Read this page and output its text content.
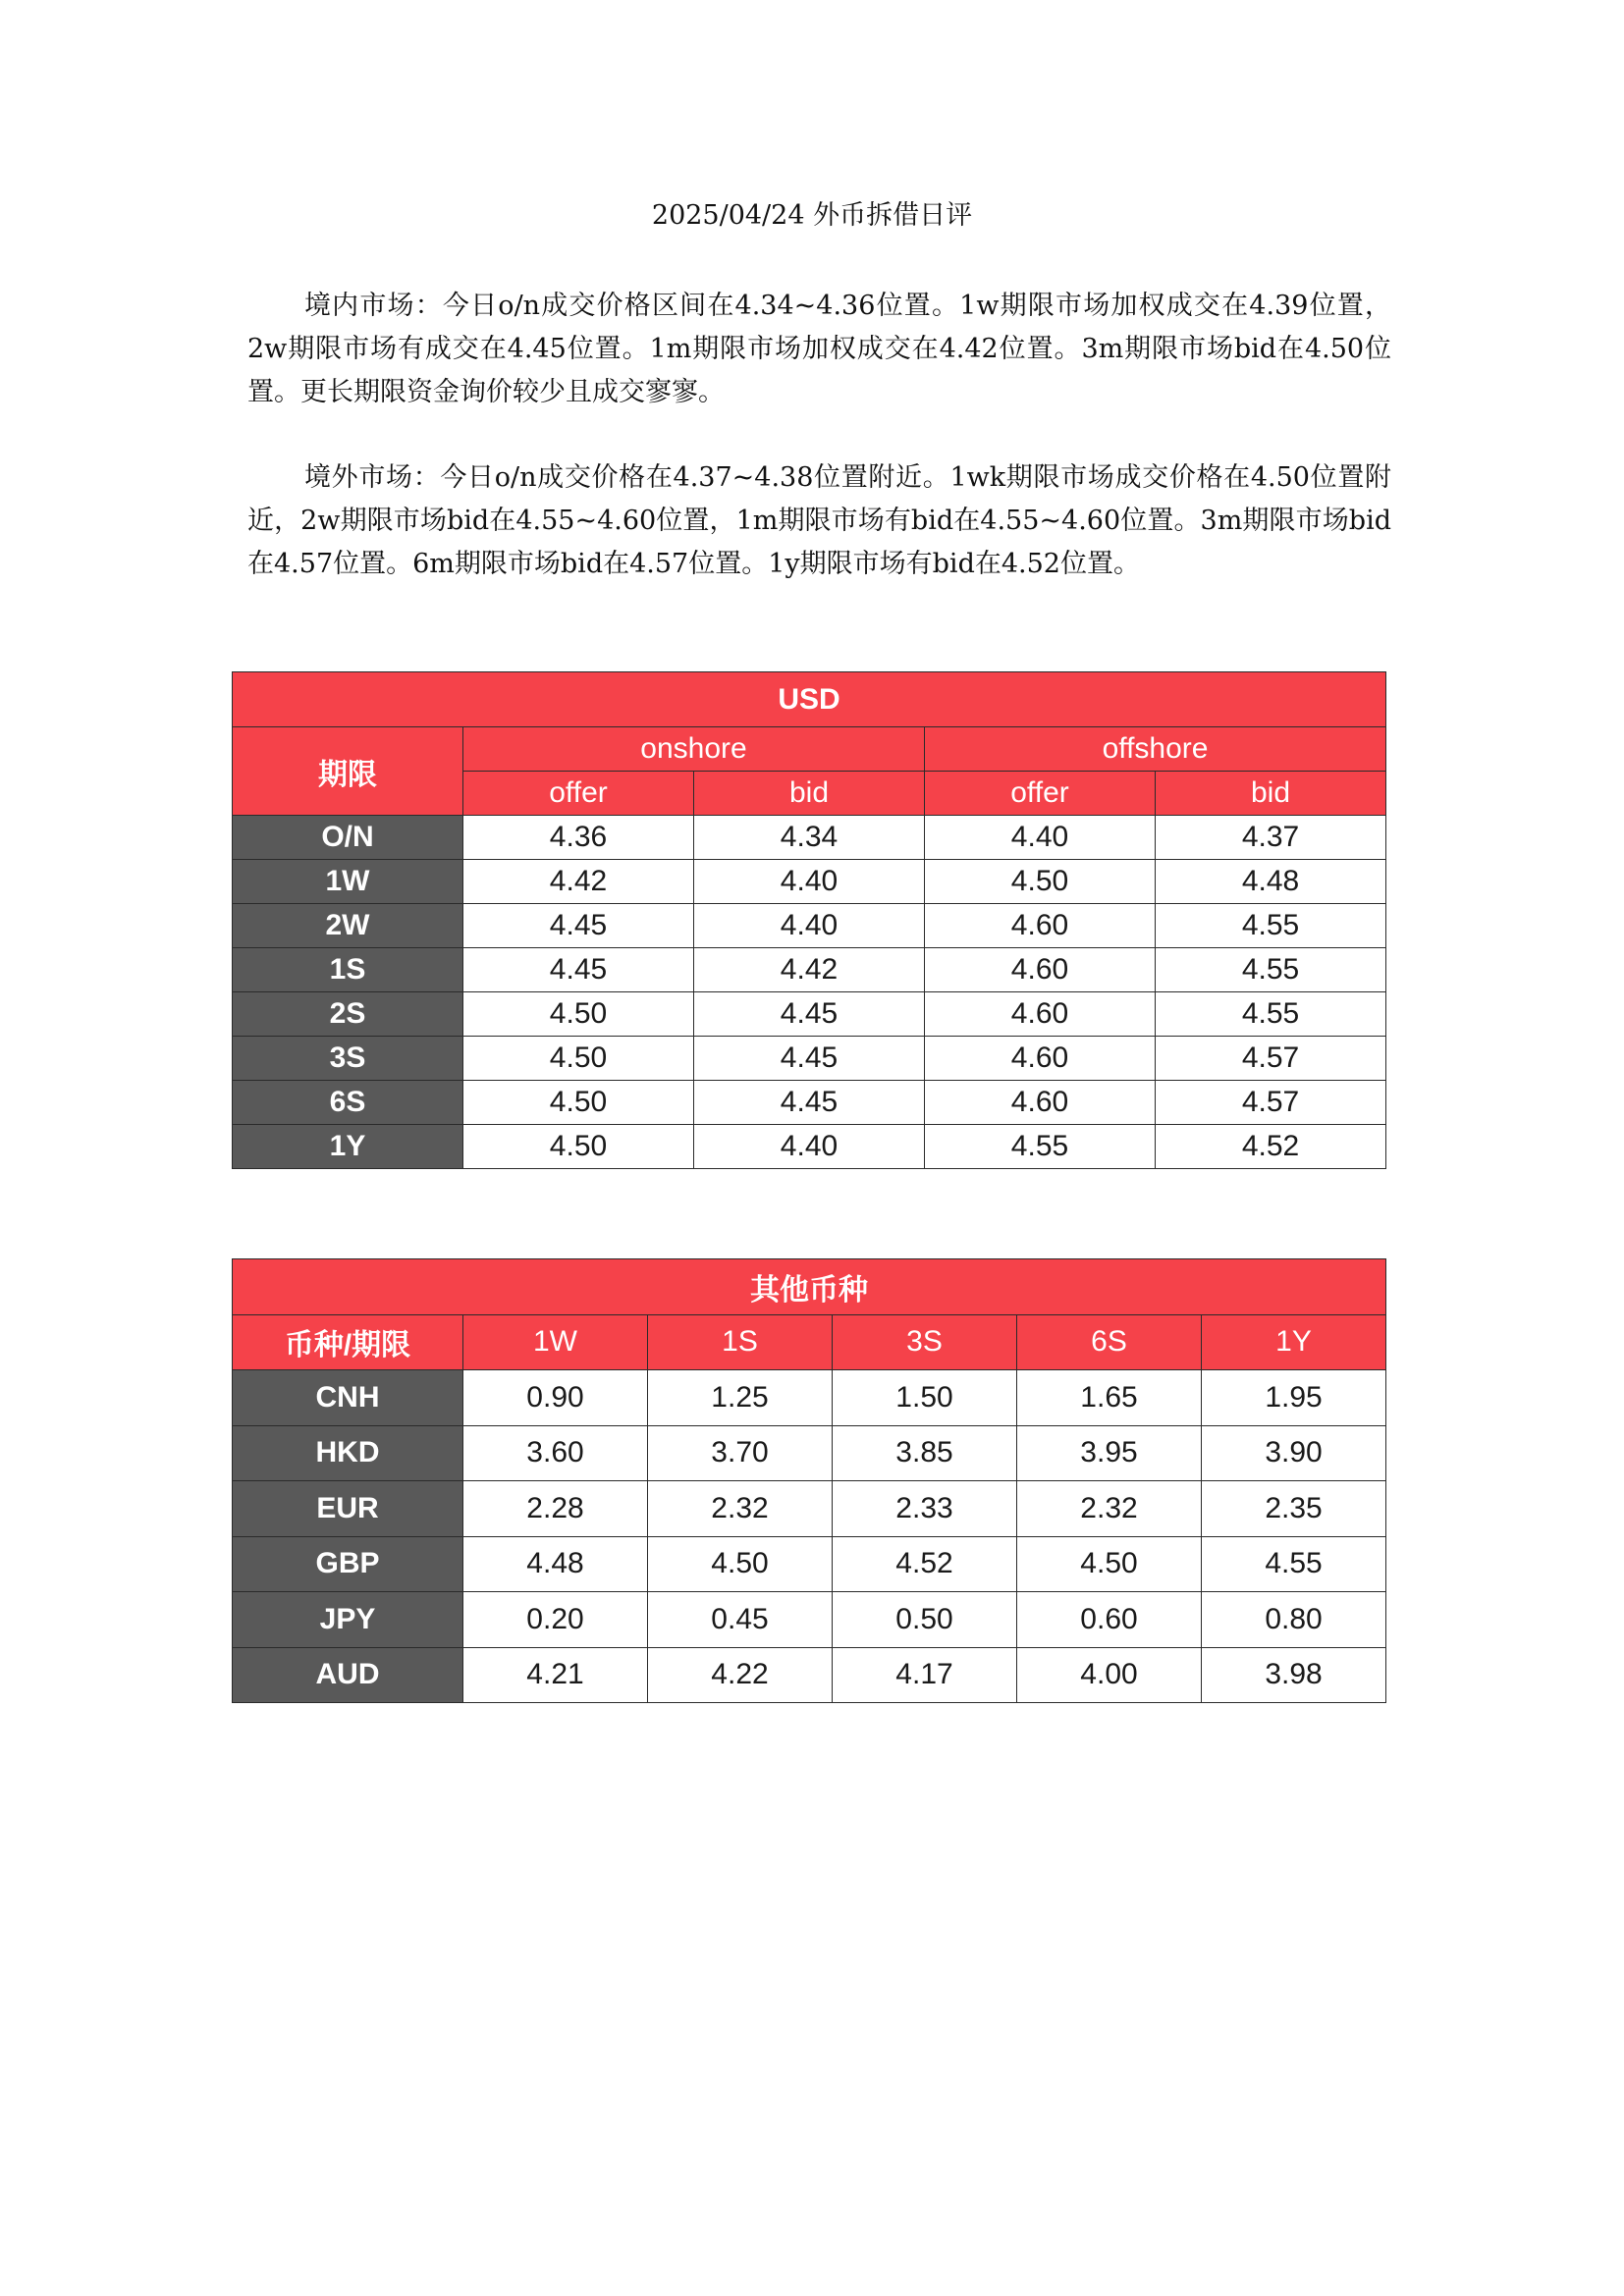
2025/04/24 外币拆借日评

境内市场：今日o/n成交价格区间在4.34~4.36位置。1w期限市场加权成交在4.39位置，2w期限市场有成交在4.45位置。1m期限市场加权成交在4.42位置。3m期限市场bid在4.50位置。更长期限资金询价较少且成交寥寥。

境外市场：今日o/n成交价格在4.37~4.38位置附近。1wk期限市场成交价格在4.50位置附近，2w期限市场bid在4.55~4.60位置，1m期限市场有bid在4.55~4.60位置。3m期限市场bid在4.57位置。6m期限市场bid在4.57位置。1y期限市场有bid在4.52位置。

USD				
期限	onshore		offshore	
	offer	bid	offer	bid
O/N	4.36	4.34	4.40	4.37
1W	4.42	4.40	4.50	4.48
2W	4.45	4.40	4.60	4.55
1S	4.45	4.42	4.60	4.55
2S	4.50	4.45	4.60	4.55
3S	4.50	4.45	4.60	4.57
6S	4.50	4.45	4.60	4.57
1Y	4.50	4.40	4.55	4.52
其他币种					
币种/期限	1W	1S	3S	6S	1Y
CNH	0.90	1.25	1.50	1.65	1.95
HKD	3.60	3.70	3.85	3.95	3.90
EUR	2.28	2.32	2.33	2.32	2.35
GBP	4.48	4.50	4.52	4.50	4.55
JPY	0.20	0.45	0.50	0.60	0.80
AUD	4.21	4.22	4.17	4.00	3.98
